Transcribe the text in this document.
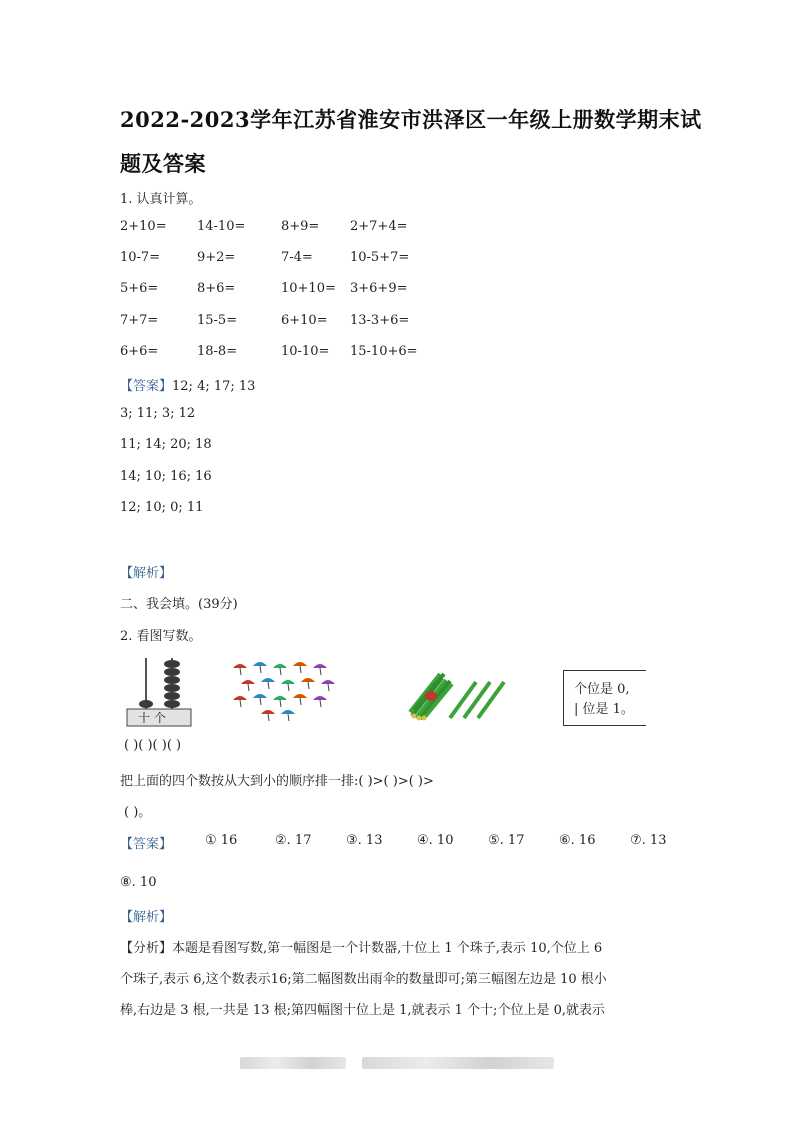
2022-2023学年江苏省淮安市洪泽区一年级上册数学期末试
题及答案
1. 认真计算。
2+10= 14-10=	8+9= 2+7+4=
10-7=	9+2=	7-4=	10-5+7=
5+6=	8+6=	10+10= 3+6+9=
7+7=	15-5=	6+10= 13-3+6=
6+6=	18-8=	10-10= 15-10+6=
【答案】12; 4; 17; 13
3; 11; 3; 12
11; 14; 20; 18
14; 10; 16; 16
12; 10; 0; 11
【解析】
二、我会填。(39分)
2. 看图写数。
十 个
个位是 0,
| 位是 1。
( )( )( )( )
把上面的四个数按从大到小的顺序排一排:( )>( )>( )>
( )。
【答案】	① 16	②. 17	③. 13	④. 10	⑤. 17	⑥. 16	⑦. 13
⑧. 10
【解析】
【分析】本题是看图写数,第一幅图是一个计数器,十位上 1 个珠子,表示 10,个位上 6
个珠子,表示 6,这个数表示16;第二幅图数出雨伞的数量即可;第三幅图左边是 10 根小
棒,右边是 3 根,一共是 13 根;第四幅图十位上是 1,就表示 1 个十;个位上是 0,就表示
